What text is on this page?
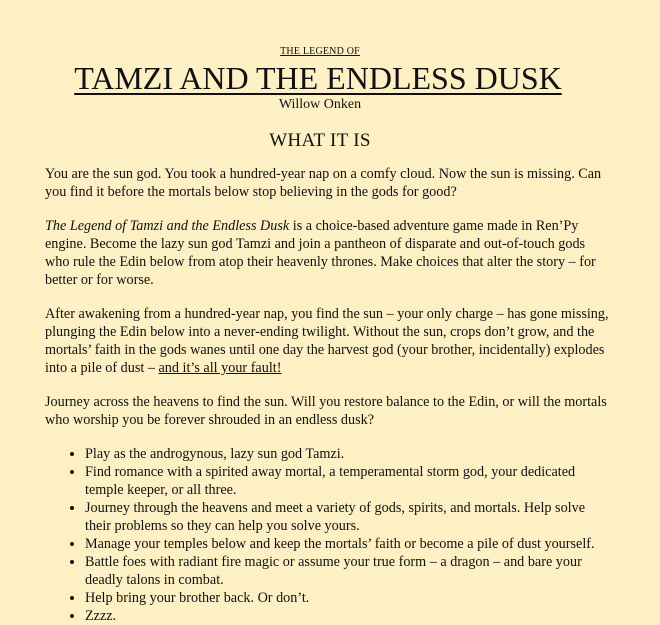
THE LEGEND OF
TAMZI AND THE ENDLESS DUSK
Willow Onken
WHAT IT IS

You are the sun god. You took a hundred-year nap on a comfy cloud. Now the sun is missing. Can you find it before the mortals below stop believing in the gods for good?

The Legend of Tamzi and the Endless Dusk is a choice-based adventure game made in Ren’Py engine. Become the lazy sun god Tamzi and join a pantheon of disparate and out-of-touch gods who rule the Edin below from atop their heavenly thrones. Make choices that alter the story – for better or for worse.

After awakening from a hundred-year nap, you find the sun – your only charge – has gone missing, plunging the Edin below into a never-ending twilight. Without the sun, crops don’t grow, and the mortals’ faith in the gods wanes until one day the harvest god (your brother, incidentally) explodes into a pile of dust – and it’s all your fault!

Journey across the heavens to find the sun. Will you restore balance to the Edin, or will the mortals who worship you be forever shrouded in an endless dusk?

• Play as the androgynous, lazy sun god Tamzi.
• Find romance with a spirited away mortal, a temperamental storm god, your dedicated temple keeper, or all three.
• Journey through the heavens and meet a variety of gods, spirits, and mortals. Help solve their problems so they can help you solve yours.
• Manage your temples below and keep the mortals’ faith or become a pile of dust yourself.
• Battle foes with radiant fire magic or assume your true form – a dragon – and bare your deadly talons in combat.
• Help bring your brother back. Or don’t.
• Zzzz.
